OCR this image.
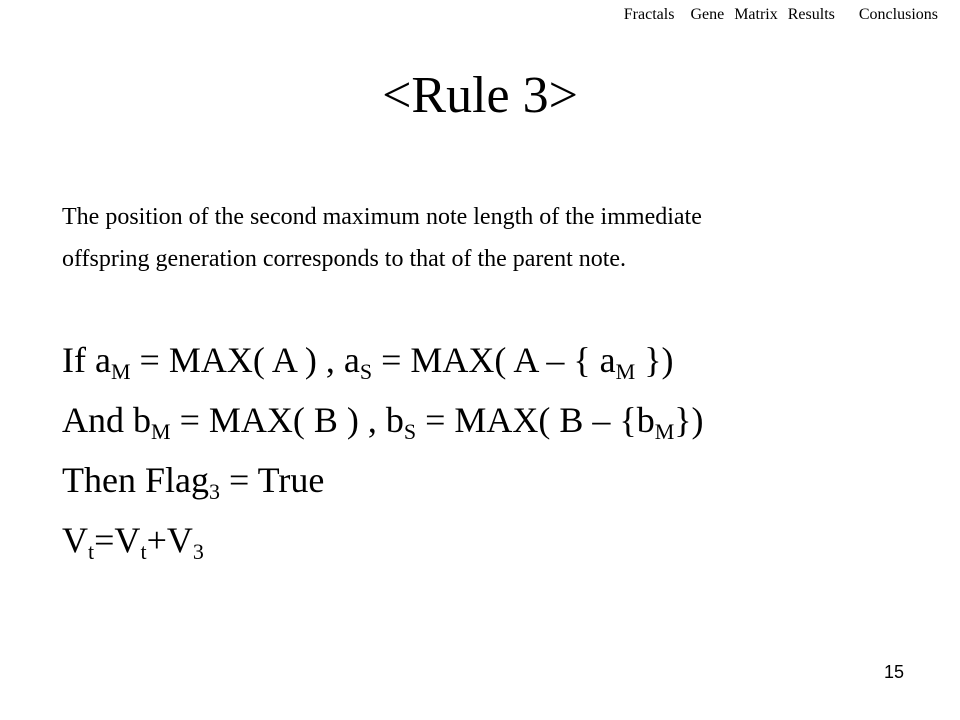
Fractals Gene Matrix Results Conclusions
<Rule 3>
The position of the second maximum note length of the immediate
offspring generation corresponds to that of the parent note.
If $a_M = MAX$( A ) , $a_S = MAX$( A – { $a_M$ })
And $b_M = MAX$( B ) , $b_S = MAX$( B – $\{b_M\}$)
Then Flag$_3$ = True
$V_t=V_t+V_3$
15
